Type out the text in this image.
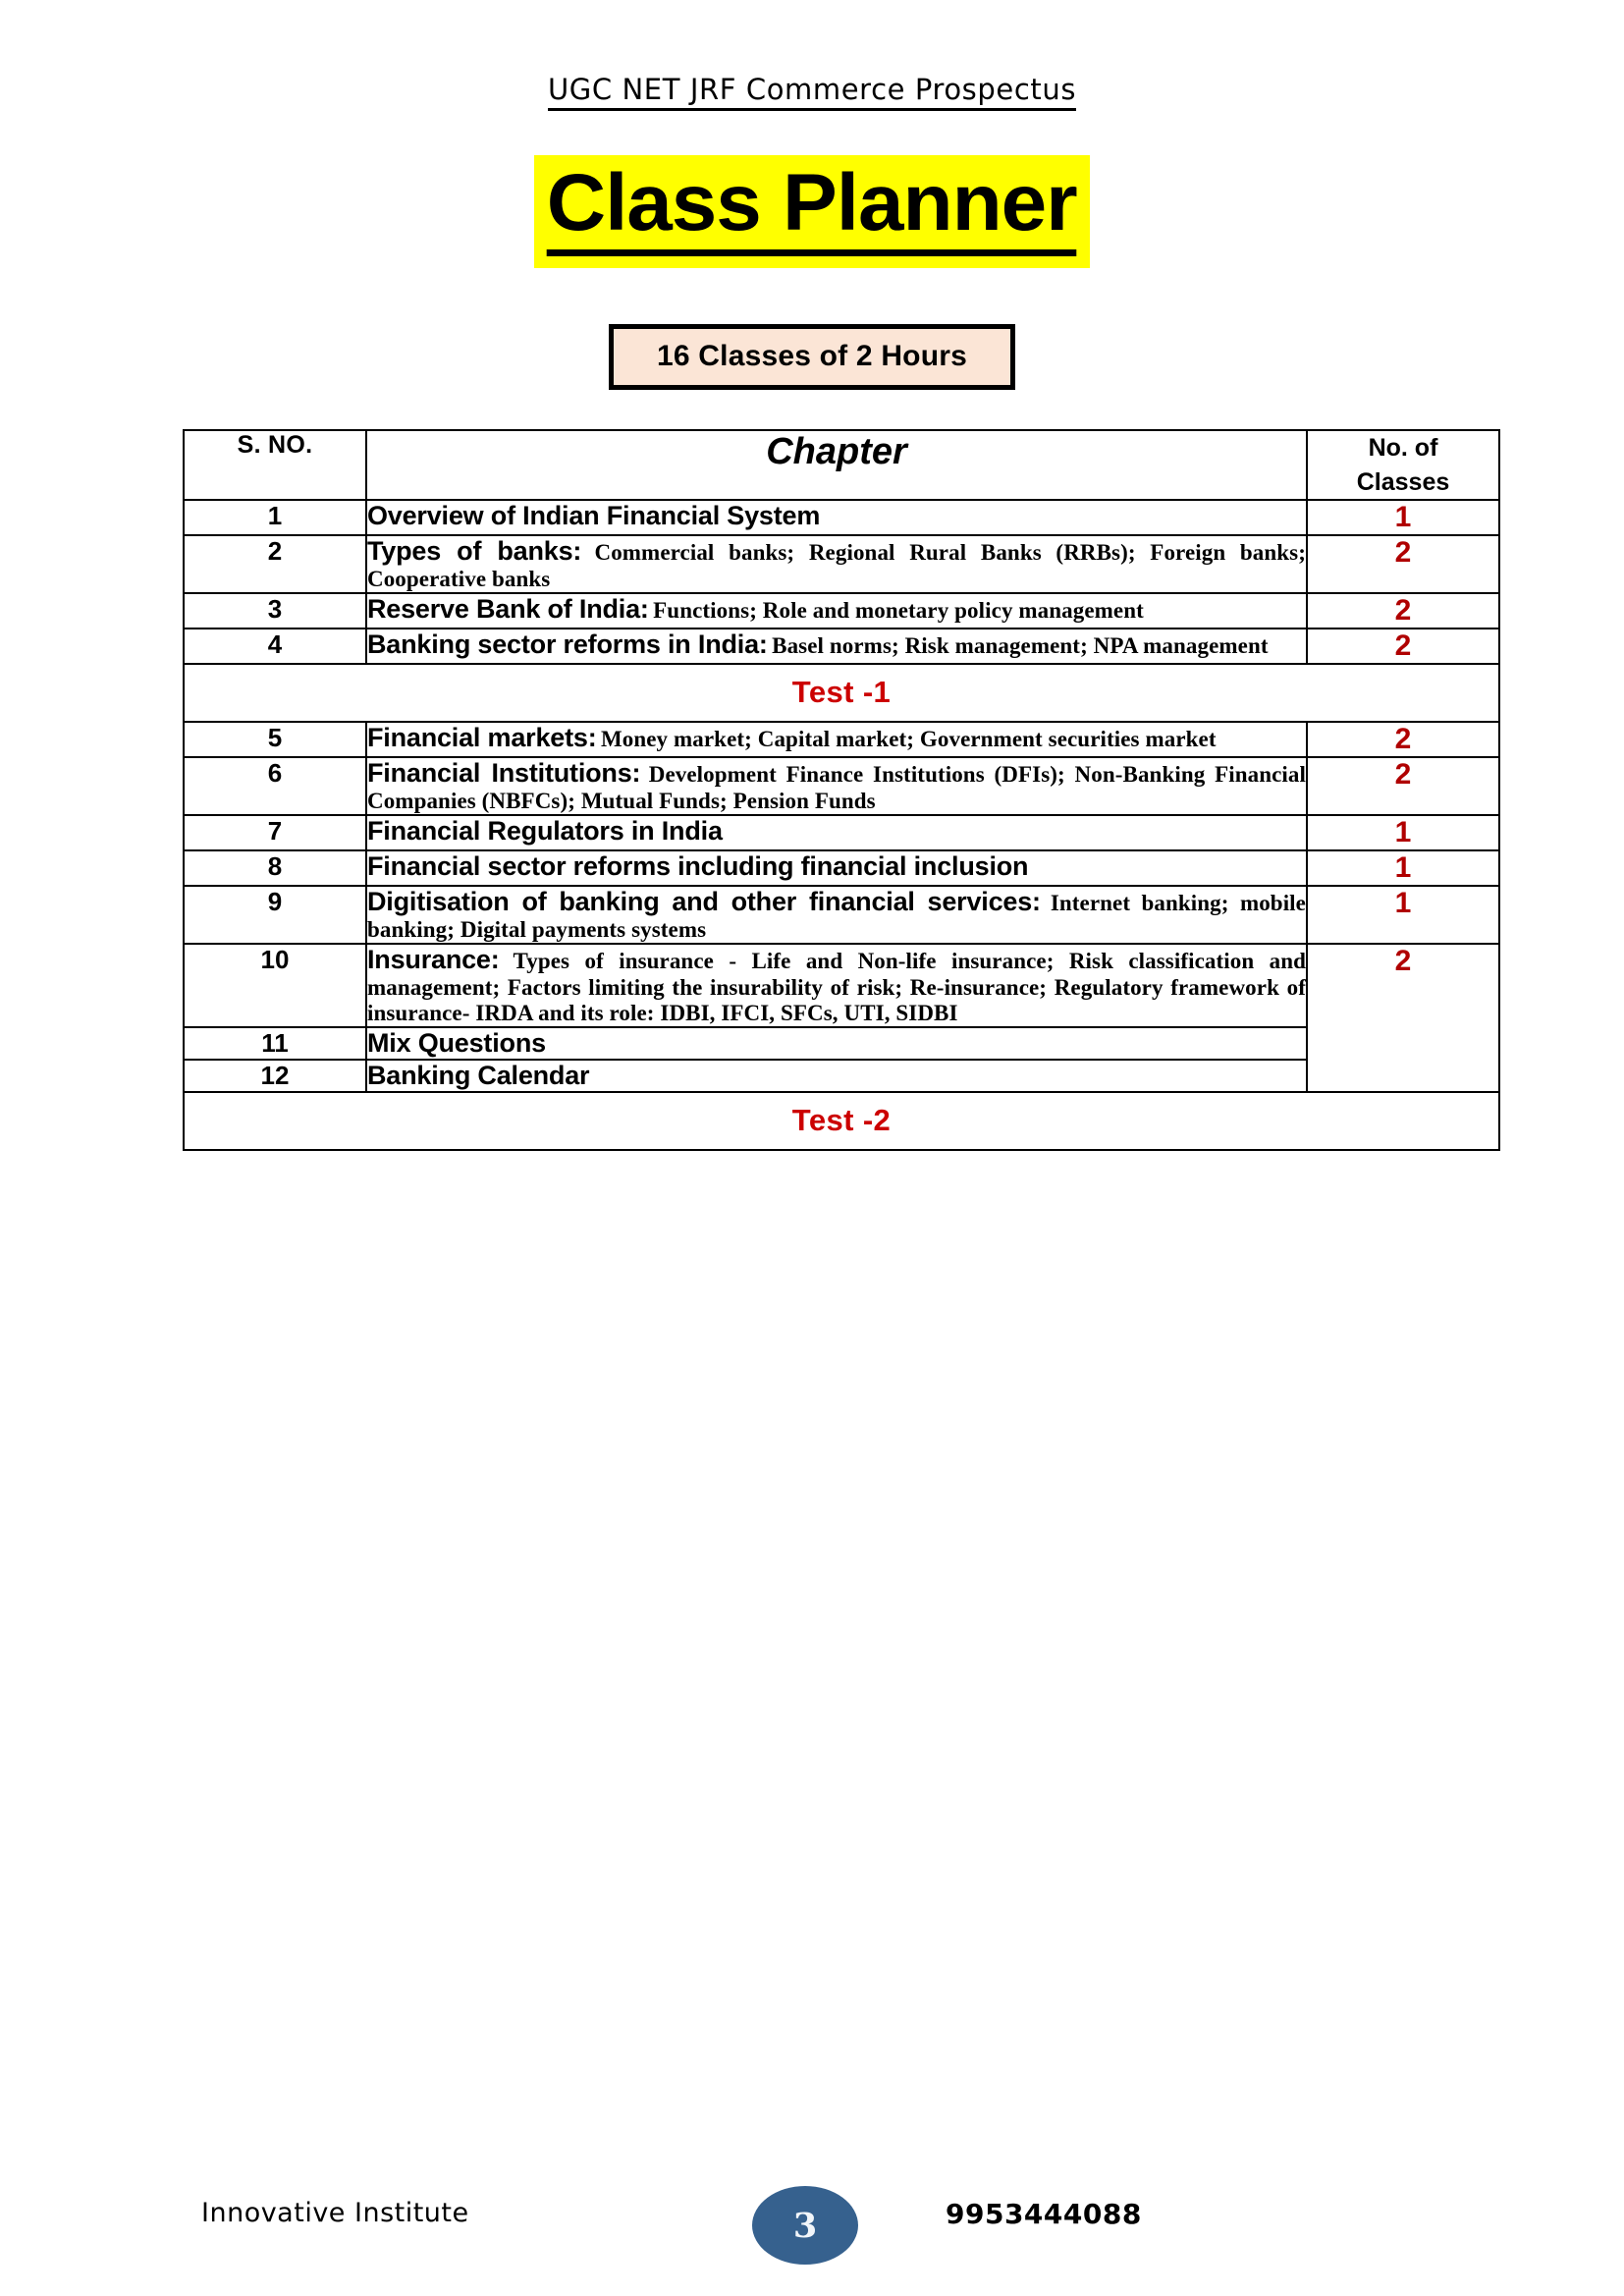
UGC NET JRF Commerce Prospectus
Class Planner
16 Classes of 2 Hours
S. NO.	Chapter	No. of
Classes

1	Overview of Indian Financial System	1
2	Types of banks: Commercial banks; Regional Rural Banks (RRBs); Foreign banks; Cooperative banks	2
3	Reserve Bank of India: Functions; Role and monetary policy management	2
4	Banking sector reforms in India: Basel norms; Risk management; NPA management	2
Test -1		
5	Financial markets: Money market; Capital market; Government securities market	2
6	Financial Institutions: Development Finance Institutions (DFIs); Non-Banking Financial Companies (NBFCs); Mutual Funds; Pension Funds	2
7	Financial Regulators in India	1
8	Financial sector reforms including financial inclusion	1
9	Digitisation of banking and other financial services: Internet banking; mobile banking; Digital payments systems	1
10	Insurance: Types of insurance - Life and Non-life insurance; Risk classification and management; Factors limiting the insurability of risk; Re-insurance; Regulatory framework of insurance- IRDA and its role: IDBI, IFCI, SFCs, UTI, SIDBI	2
11	Mix Questions	
12	Banking Calendar	
Test -2		
Innovative Institute	3	9953444088
